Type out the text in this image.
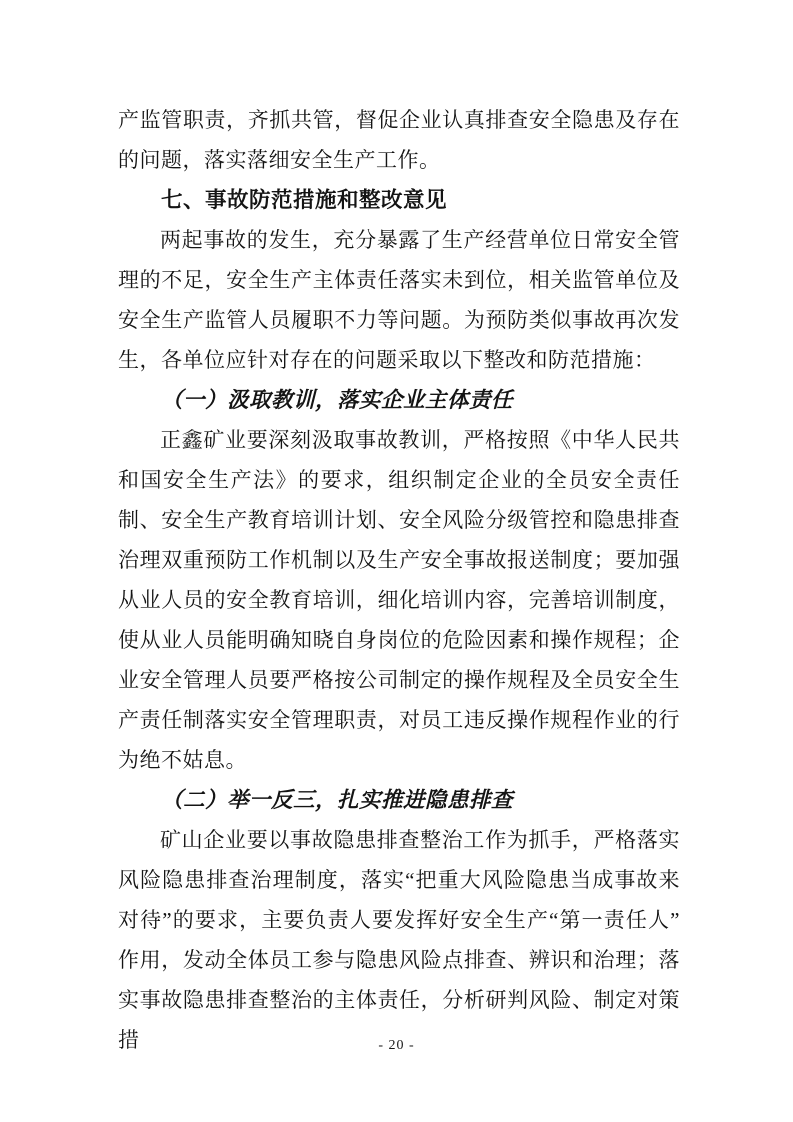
产监管职责，齐抓共管，督促企业认真排查安全隐患及存在的问题，落实落细安全生产工作。

七、事故防范措施和整改意见

两起事故的发生，充分暴露了生产经营单位日常安全管理的不足，安全生产主体责任落实未到位，相关监管单位及安全生产监管人员履职不力等问题。为预防类似事故再次发生，各单位应针对存在的问题采取以下整改和防范措施：

（一）汲取教训，落实企业主体责任

正鑫矿业要深刻汲取事故教训，严格按照《中华人民共和国安全生产法》的要求，组织制定企业的全员安全责任制、安全生产教育培训计划、安全风险分级管控和隐患排查治理双重预防工作机制以及生产安全事故报送制度；要加强从业人员的安全教育培训，细化培训内容，完善培训制度，使从业人员能明确知晓自身岗位的危险因素和操作规程；企业安全管理人员要严格按公司制定的操作规程及全员安全生产责任制落实安全管理职责，对员工违反操作规程作业的行为绝不姑息。

（二）举一反三，扎实推进隐患排查

矿山企业要以事故隐患排查整治工作为抓手，严格落实风险隐患排查治理制度，落实“把重大风险隐患当成事故来对待”的要求，主要负责人要发挥好安全生产“第一责任人”作用，发动全体员工参与隐患风险点排查、辨识和治理；落实事故隐患排查整治的主体责任，分析研判风险、制定对策措	- 20 -
